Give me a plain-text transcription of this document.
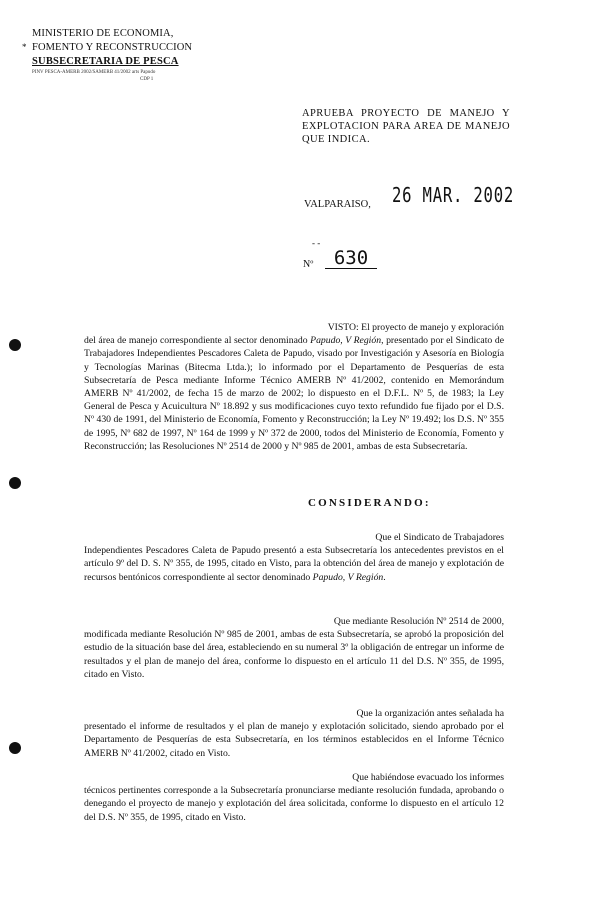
*
MINISTERIO DE ECONOMIA,
FOMENTO Y RECONSTRUCCION
SUBSECRETARIA DE PESCA
PINV PESCA-AMERB 2002/SAMERB 41/2002 arts Papudo
CDP 1
APRUEBA PROYECTO DE MANEJO Y EXPLOTACION PARA AREA DE MANEJO QUE INDICA.
VALPARAISO, 26 MAR. 2002
- -
Nº	630
VISTO: El proyecto de manejo y exploración
del área de manejo correspondiente al sector denominado Papudo, V Región, presentado por el Sindicato de Trabajadores Independientes Pescadores Caleta de Papudo, visado por Investigación y Asesoría en Biología y Tecnologías Marinas (Bitecma Ltda.); lo informado por el Departamento de Pesquerías de esta Subsecretaría de Pesca mediante Informe Técnico AMERB Nº 41/2002, contenido en Memorándum AMERB Nº 41/2002, de fecha 15 de marzo de 2002; lo dispuesto en el D.F.L. Nº 5, de 1983; la Ley General de Pesca y Acuicultura Nº 18.892 y sus modificaciones cuyo texto refundido fue fijado por el D.S. Nº 430 de 1991, del Ministerio de Economía, Fomento y Reconstrucción; la Ley Nº 19.492; los D.S. Nº 355 de 1995, Nº 682 de 1997, Nº 164 de 1999 y Nº 372 de 2000, todos del Ministerio de Economía, Fomento y Reconstrucción; las Resoluciones Nº 2514 de 2000 y Nº 985 de 2001, ambas de esta Subsecretaría.
CONSIDERANDO:
Que el Sindicato de Trabajadores
Independientes Pescadores Caleta de Papudo presentó a esta Subsecretaría los antecedentes previstos en el artículo 9º del D. S. Nº 355, de 1995, citado en Visto, para la obtención del área de manejo y explotación de recursos bentónicos correspondiente al sector denominado Papudo, V Región.
Que mediante Resolución Nº 2514 de 2000,
modificada mediante Resolución Nº 985 de 2001, ambas de esta Subsecretaría, se aprobó la proposición del estudio de la situación base del área, estableciendo en su numeral 3º la obligación de entregar un informe de resultados y el plan de manejo del área, conforme lo dispuesto en el artículo 11 del D.S. Nº 355, de 1995, citado en Visto.
Que la organización antes señalada ha
presentado el informe de resultados y el plan de manejo y explotación solicitado, siendo aprobado por el Departamento de Pesquerías de esta Subsecretaría, en los términos establecidos en el Informe Técnico AMERB Nº 41/2002, citado en Visto.
Que habiéndose evacuado los informes
técnicos pertinentes corresponde a la Subsecretaría pronunciarse mediante resolución fundada, aprobando o denegando el proyecto de manejo y explotación del área solicitada, conforme lo dispuesto en el artículo 12 del D.S. Nº 355, de 1995, citado en Visto.
